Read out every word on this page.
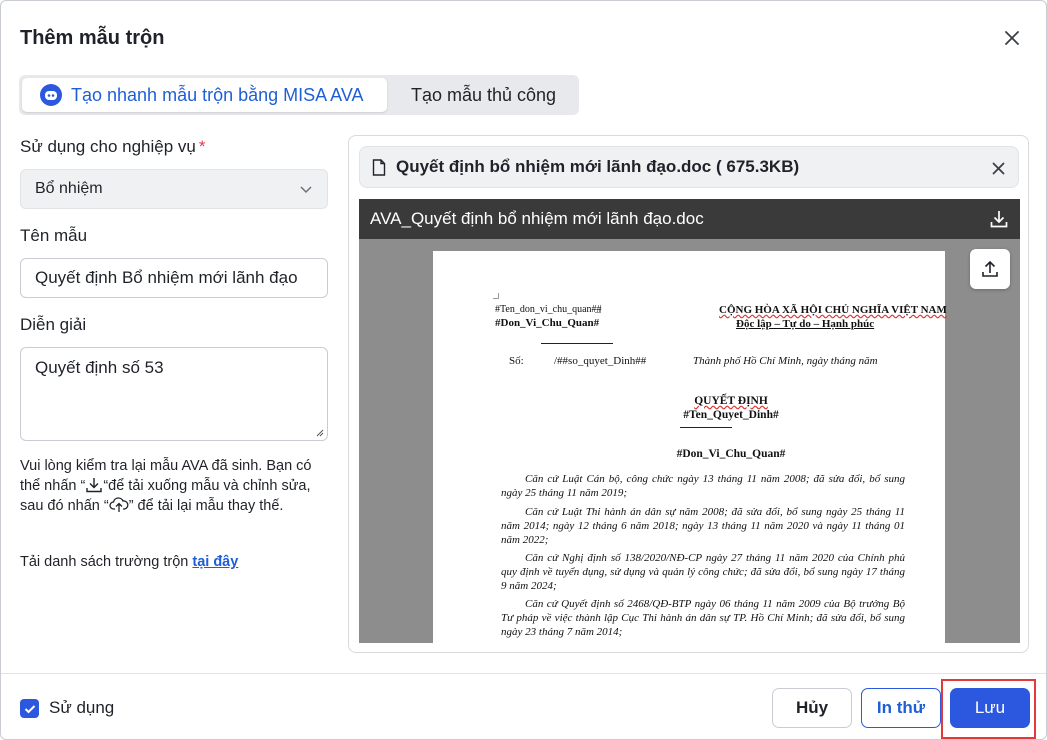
Thêm mẫu trộn
Tạo nhanh mẫu trộn bằng MISA AVA	Tạo mẫu thủ công
Sử dụng cho nghiệp vụ *
Bổ nhiệm
Tên mẫu
Quyết định Bổ nhiệm mới lãnh đạo
Diễn giải
Quyết định số 53
Vui lòng kiểm tra lại mẫu AVA đã sinh. Bạn có thể nhấn “ “để tải xuống mẫu và chỉnh sửa, sau đó nhấn “ ” để tải lại mẫu thay thế.
Tải danh sách trường trộn tại đây
Quyết định bổ nhiệm mới lãnh đạo.doc ( 675.3KB)
AVA_Quyết định bổ nhiệm mới lãnh đạo.doc
#Ten_don_vi_chu_quan##
#Don_Vi_Chu_Quan#
CỘNG HÒA XÃ HỘI CHỦ NGHĨA VIỆT NAM
Độc lập – Tự do – Hạnh phúc
Số:	/##so_quyet_Dinh##	Thành phố Hồ Chí Minh, ngày tháng năm
QUYẾT ĐỊNH
#Ten_Quyet_Dinh#
#Don_Vi_Chu_Quan#
Căn cứ Luật Cán bộ, công chức ngày 13 tháng 11 năm 2008; đã sửa đổi, bổ sung ngày 25 tháng 11 năm 2019;
Căn cứ Luật Thi hành án dân sự năm 2008; đã sửa đổi, bổ sung ngày 25 tháng 11 năm 2014; ngày 12 tháng 6 năm 2018; ngày 13 tháng 11 năm 2020 và ngày 11 tháng 01 năm 2022;
Căn cứ Nghị định số 138/2020/NĐ-CP ngày 27 tháng 11 năm 2020 của Chính phủ quy định về tuyển dụng, sử dụng và quản lý công chức; đã sửa đổi, bổ sung ngày 17 tháng 9 năm 2024;
Căn cứ Quyết định số 2468/QĐ-BTP ngày 06 tháng 11 năm 2009 của Bộ trưởng Bộ Tư pháp về việc thành lập Cục Thi hành án dân sự TP. Hồ Chí Minh; đã sửa đổi, bổ sung ngày 23 tháng 7 năm 2014;
Sử dụng	Hủy	In thử	Lưu
